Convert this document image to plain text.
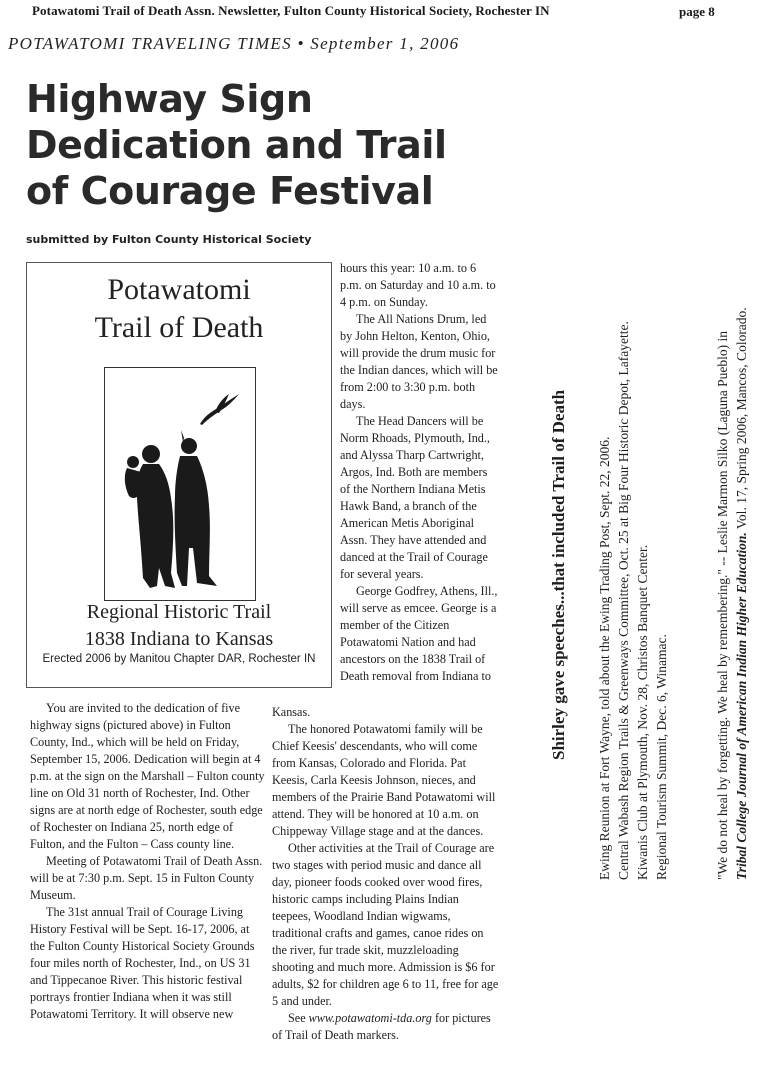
Potawatomi Trail of Death Assn. Newsletter, Fulton County Historical Society, Rochester IN	page 8
POTAWATOMI TRAVELING TIMES • September 1, 2006
Highway Sign
Dedication and Trail
of Courage Festival
submitted by Fulton County Historical Society
Potawatomi
Trail of Death
Regional Historic Trail
1838 Indiana to Kansas
Erected 2006 by Manitou Chapter DAR, Rochester IN

hours this year: 10 a.m. to 6 p.m. on Saturday and 10 a.m. to 4 p.m. on Sunday.

The All Nations Drum, led by John Helton, Kenton, Ohio, will provide the drum music for the Indian dances, which will be from 2:00 to 3:30 p.m. both days.

The Head Dancers will be Norm Rhoads, Plymouth, Ind., and Alyssa Tharp Cartwright, Argos, Ind. Both are members of the Northern Indiana Metis Hawk Band, a branch of the American Metis Aboriginal Assn. They have attended and danced at the Trail of Courage for several years.

George Godfrey, Athens, Ill., will serve as emcee. George is a member of the Citizen Potawatomi Nation and had ancestors on the 1838 Trail of Death removal from Indiana to

You are invited to the dedication of five highway signs (pictured above) in Fulton County, Ind., which will be held on Friday, September 15, 2006. Dedication will begin at 4 p.m. at the sign on the Marshall – Fulton county line on Old 31 north of Rochester, Ind. Other signs are at north edge of Rochester, south edge of Rochester on Indiana 25, north edge of Fulton, and the Fulton – Cass county line.

Meeting of Potawatomi Trail of Death Assn. will be at 7:30 p.m. Sept. 15 in Fulton County Museum.

The 31st annual Trail of Courage Living History Festival will be Sept. 16-17, 2006, at the Fulton County Historical Society Grounds four miles north of Rochester, Ind., on US 31 and Tippecanoe River. This historic festival portrays frontier Indiana when it was still Potawatomi Territory. It will observe new

Kansas.

The honored Potawatomi family will be Chief Keesis' descendants, who will come from Kansas, Colorado and Florida. Pat Keesis, Carla Keesis Johnson, nieces, and members of the Prairie Band Potawatomi will attend. They will be honored at 10 a.m. on Chippeway Village stage and at the dances.

Other activities at the Trail of Courage are two stages with period music and dance all day, pioneer foods cooked over wood fires, historic camps including Plains Indian teepees, Woodland Indian wigwams, traditional crafts and games, canoe rides on the river, fur trade skit, muzzleloading shooting and much more. Admission is $6 for adults, $2 for children age 6 to 11, free for age 5 and under.

See www.potawatomi-tda.org for pictures of Trail of Death markers.

Shirley gave speeches...that included Trail of Death Ewing Reunion at Fort Wayne, told about the Ewing Trading Post, Sept. 22, 2006. Central Wabash Region Trails & Greenways Committee, Oct. 25 at Big Four Historic Depot, Lafayette. Kiwanis Club at Plymouth, Nov. 28, Christos Banquet Center. Regional Tourism Summit, Dec. 6, Winamac.	"We do not heal by forgetting. We heal by remembering." -- Leslie Marmon Silko (Laguna Pueblo) in Tribal College Journal of American Indian Higher Education. Vol. 17, Spring 2006, Mancos, Colorado.
